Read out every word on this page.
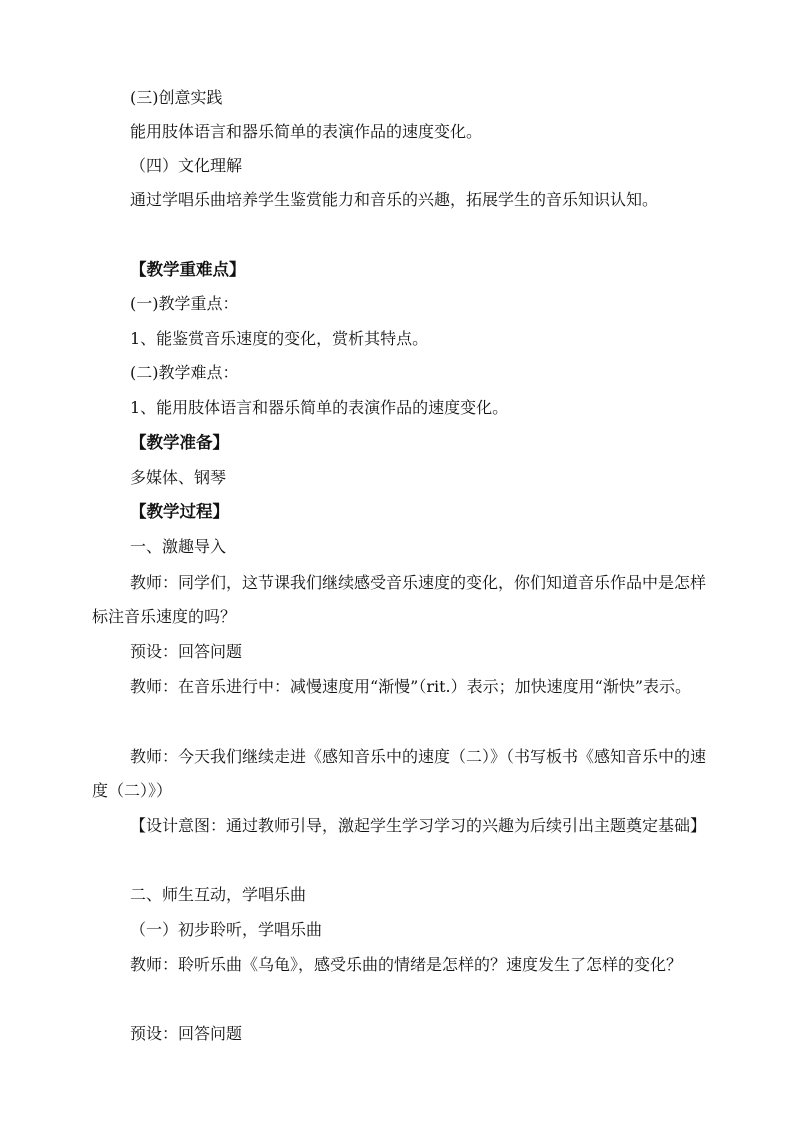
(三)创意实践

能用肢体语言和器乐简单的表演作品的速度变化。

（四）文化理解

通过学唱乐曲培养学生鉴赏能力和音乐的兴趣，拓展学生的音乐知识认知。

【教学重难点】

(一)教学重点：

1、能鉴赏音乐速度的变化，赏析其特点。

(二)教学难点：

1、能用肢体语言和器乐简单的表演作品的速度变化。

【教学准备】

多媒体、钢琴

【教学过程】

一、激趣导入

教师：同学们，这节课我们继续感受音乐速度的变化，你们知道音乐作品中是怎样标注音乐速度的吗？

预设：回答问题

教师：在音乐进行中：减慢速度用“渐慢”（rit.）表示；加快速度用“渐快”表示。

教师：今天我们继续走进《感知音乐中的速度（二）》（书写板书《感知音乐中的速度（二）》）

【设计意图：通过教师引导，激起学生学习学习的兴趣为后续引出主题奠定基础】

二、师生互动，学唱乐曲

（一）初步聆听，学唱乐曲

教师：聆听乐曲《乌龟》，感受乐曲的情绪是怎样的？速度发生了怎样的变化？

预设：回答问题
